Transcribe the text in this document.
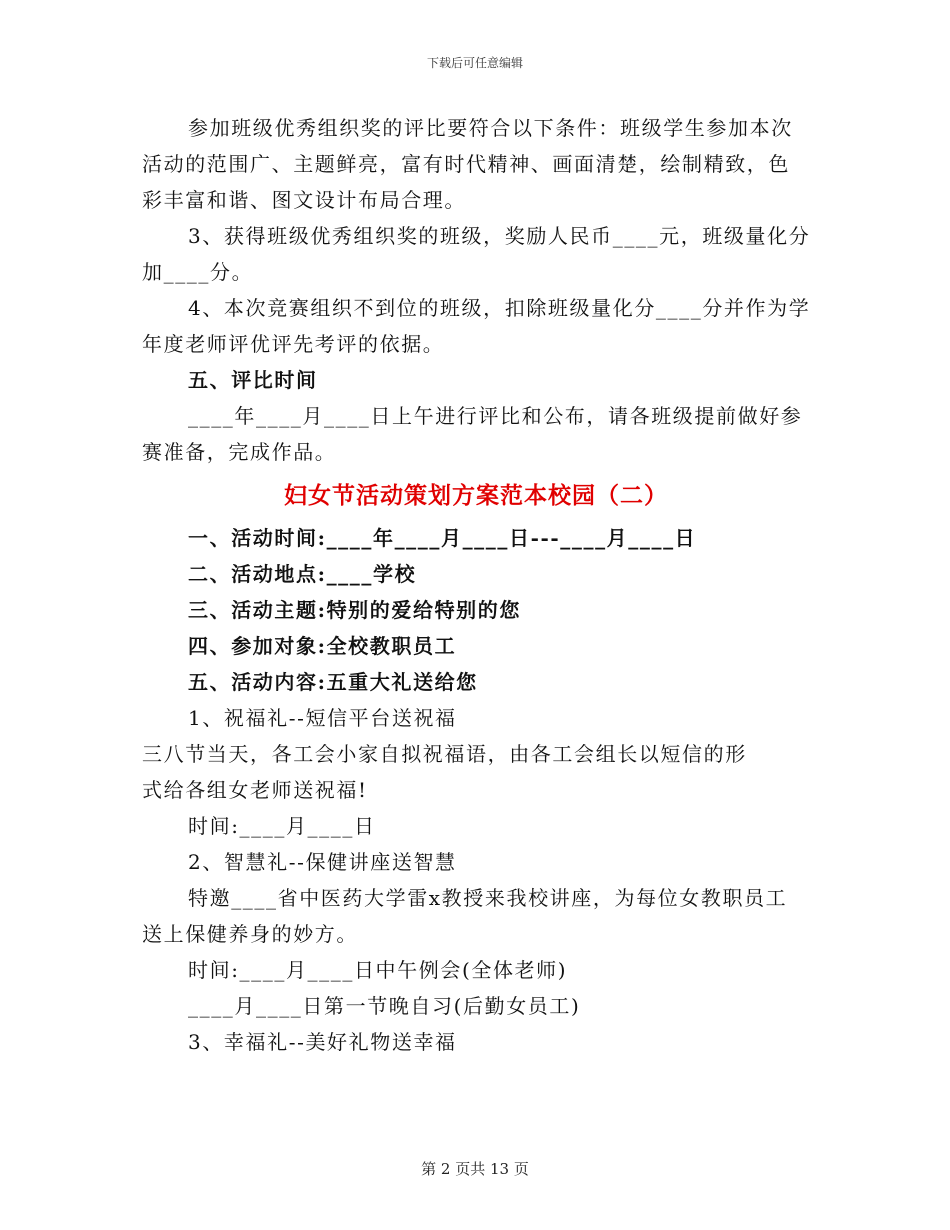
下载后可任意编辑
参加班级优秀组织奖的评比要符合以下条件：班级学生参加本次
活动的范围广、主题鲜亮，富有时代精神、画面清楚，绘制精致，色
彩丰富和谐、图文设计布局合理。
3、获得班级优秀组织奖的班级，奖励人民币____元，班级量化分
加____分。
4、本次竞赛组织不到位的班级，扣除班级量化分____分并作为学
年度老师评优评先考评的依据。
五、评比时间
____年____月____日上午进行评比和公布，请各班级提前做好参
赛准备，完成作品。
妇女节活动策划方案范本校园（二）
一、活动时间:____年____月____日---____月____日
二、活动地点:____学校
三、活动主题:特别的爱给特别的您
四、参加对象:全校教职员工
五、活动内容:五重大礼送给您
1、祝福礼--短信平台送祝福
三八节当天，各工会小家自拟祝福语，由各工会组长以短信的形
式给各组女老师送祝福!
时间:____月____日
2、智慧礼--保健讲座送智慧
特邀____省中医药大学雷x教授来我校讲座，为每位女教职员工
送上保健养身的妙方。
时间:____月____日中午例会(全体老师)
____月____日第一节晚自习(后勤女员工)
3、幸福礼--美好礼物送幸福
第 2 页共 13 页
